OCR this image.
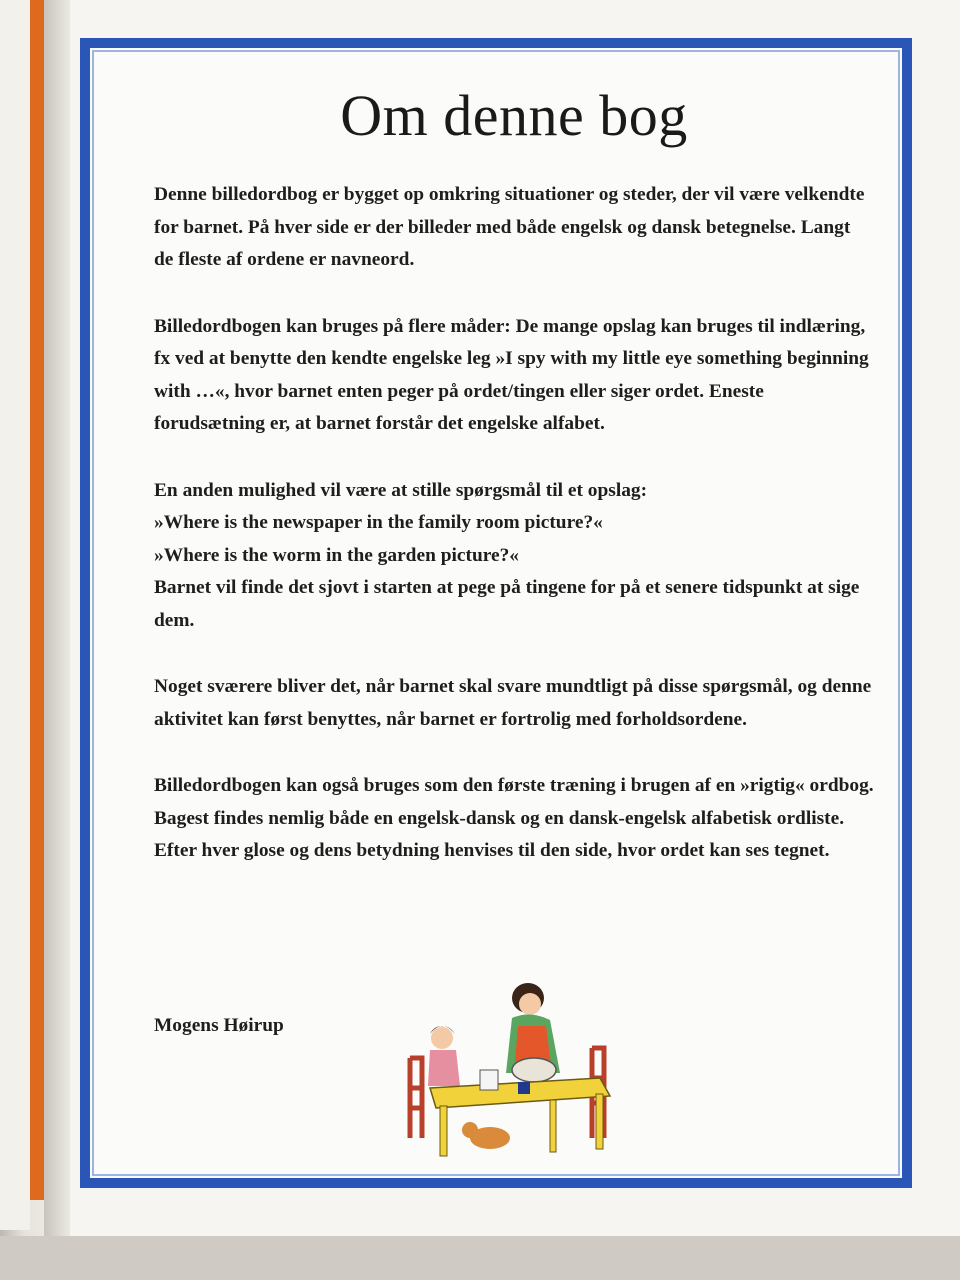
Om denne bog

Denne billedordbog er bygget op omkring situationer og steder, der vil være velkendte for barnet. På hver side er der billeder med både engelsk og dansk betegnelse. Langt de fleste af ordene er navneord.

Billedordbogen kan bruges på flere måder: De mange opslag kan bruges til indlæring, fx ved at benytte den kendte engelske leg »I spy with my little eye something beginning with …«, hvor barnet enten peger på ordet/tingen eller siger ordet. Eneste forudsætning er, at barnet forstår det engelske alfabet.

En anden mulighed vil være at stille spørgsmål til et opslag:
»Where is the newspaper in the family room picture?«
»Where is the worm in the garden picture?«
Barnet vil finde det sjovt i starten at pege på tingene for på et senere tidspunkt at sige dem.

Noget sværere bliver det, når barnet skal svare mundtligt på disse spørgsmål, og denne aktivitet kan først benyttes, når barnet er fortrolig med forholdsordene.

Billedordbogen kan også bruges som den første træning i brugen af en »rigtig« ordbog. Bagest findes nemlig både en engelsk-dansk og en dansk-engelsk alfabetisk ordliste. Efter hver glose og dens betydning henvises til den side, hvor ordet kan ses tegnet.

Mogens Høirup
